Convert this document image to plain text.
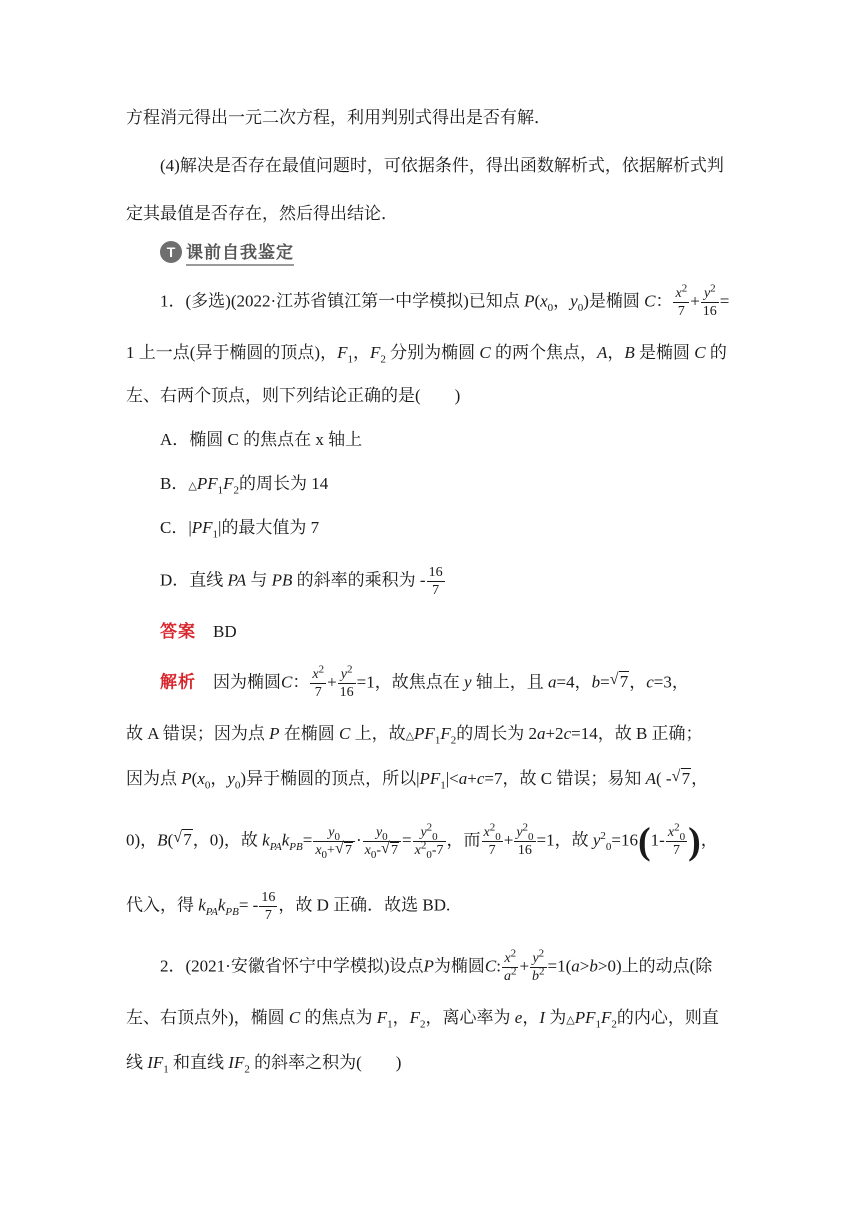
方程消元得出一元二次方程，利用判别式得出是否有解．
(4)解决是否存在最值问题时，可依据条件，得出函数解析式，依据解析式判
定其最值是否存在，然后得出结论．
T 课前自我鉴定
1．(多选)(2022·江苏省镇江第一中学模拟)已知点 $P(x_0$，$y_0$)是椭圆 C： $\frac{x^2}{7} + \frac{y^2}{16}$ =
1 上一点(异于椭圆的顶点)，$F_1$，$F_2$ 分别为椭圆 C 的两个焦点，A，B 是椭圆 C 的
左、右两个顶点，则下列结论正确的是(　　)
A．椭圆 C 的焦点在 x 轴上
B．$\triangle PF_1F_2$的周长为 14
C．$|PF_1|$的最大值为 7
D．直线 PA 与 PB 的斜率的乘积为 - $\frac{16}{7}$
答案　 BD
解析　 因为椭圆C： $\frac{x^2}{7} + \frac{y^2}{16} =1$，故焦点在 y 轴上，且 a=4，b= √ 7，c=3，
故 A 错误；因为点 P 在椭圆 C 上，故$\triangle PF_1F_2$的周长为 2a+2c=14，故 B 正确；
因为点 $P(x_0$，$y_0$)异于椭圆的顶点，所以$|PF_1|<a+c=7$，故 C 错误；易知 A( - √ 7，
0)，B( √ 7，0)，故 $k_{PA}k_{PB}= \frac{y_0}{x_0+ √ 7} \cdot \frac{y_0}{x_0- √ 7} = \frac{y^2_0}{x^2_0-7}$ ，而 $\frac{x^2_0}{7} + \frac{y^2_0}{16} =1$，故 $y^2_0=16(1- \frac{x^2_0}{7}$ )，
代入，得 $k_{PA}k_{PB}= - \frac{16}{7}$ ，故 D 正确．故选 BD.
2．(2021·安徽省怀宁中学模拟)设点P为椭圆C: $\frac{x^2}{a^2} + \frac{y^2}{b^2} =1(a>b>0)$上的动点(除
左、右顶点外)，椭圆 C 的焦点为 $F_1$，$F_2$，离心率为 e，I 为$\triangle PF_1F_2$的内心，则直
线 $IF_1$ 和直线 $IF_2$ 的斜率之积为(　　)
